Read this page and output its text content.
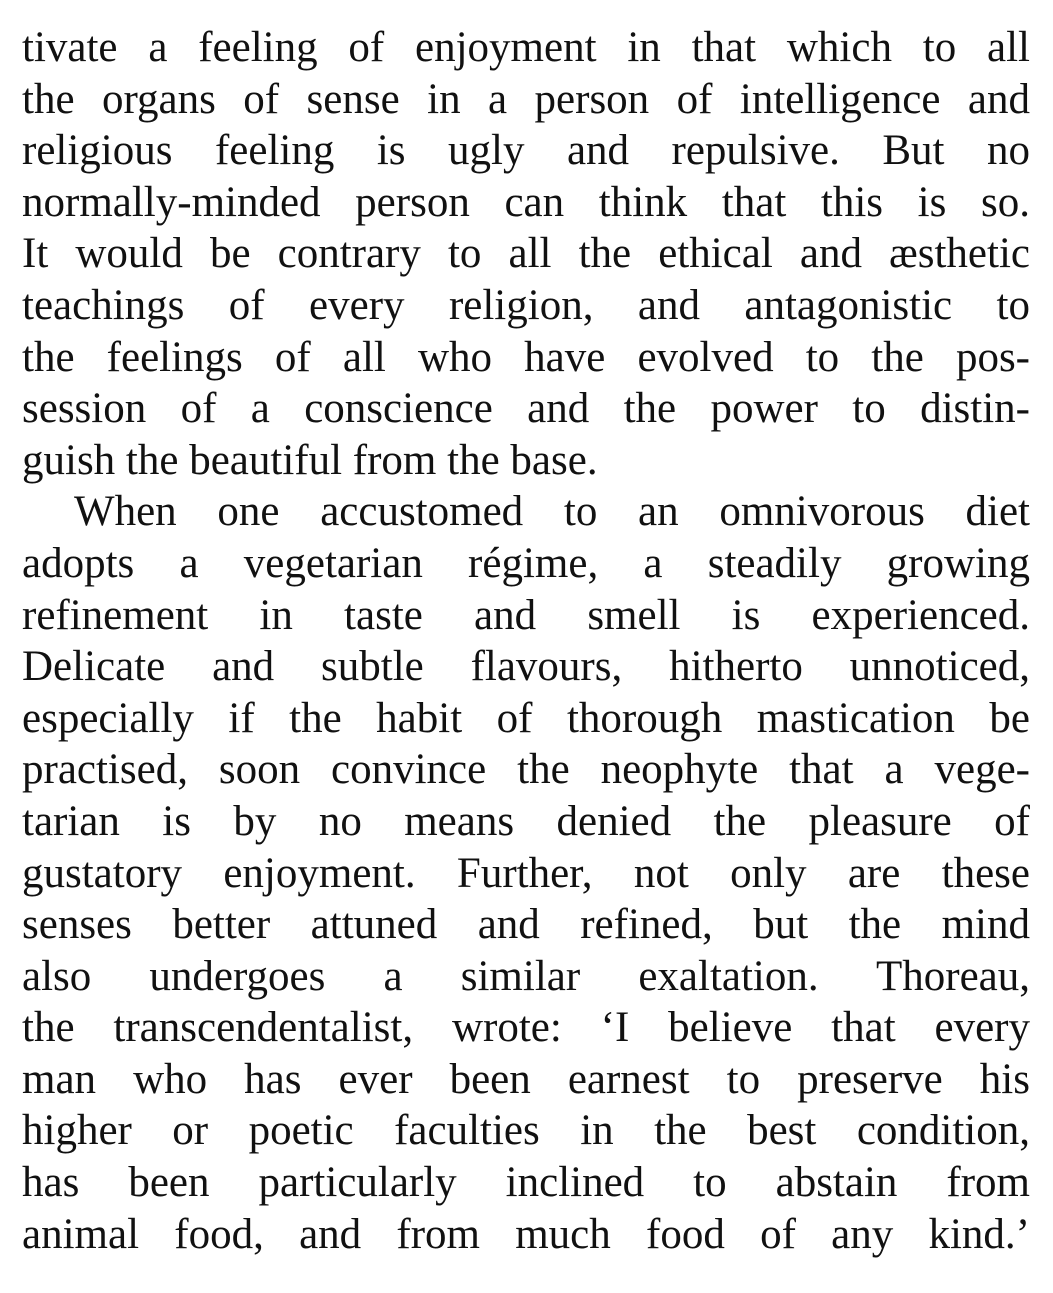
tivate a feeling of enjoyment in that which to all
the organs of sense in a person of intelligence and
religious feeling is ugly and repulsive. But no
normally-minded person can think that this is so.
It would be contrary to all the ethical and æsthetic
teachings of every religion, and antagonistic to
the feelings of all who have evolved to the pos-
session of a conscience and the power to distin-
guish the beautiful from the base.
When one accustomed to an omnivorous diet
adopts a vegetarian régime, a steadily growing
refinement in taste and smell is experienced.
Delicate and subtle flavours, hitherto unnoticed,
especially if the habit of thorough mastication be
practised, soon convince the neophyte that a vege-
tarian is by no means denied the pleasure of
gustatory enjoyment. Further, not only are these
senses better attuned and refined, but the mind
also undergoes a similar exaltation. Thoreau,
the transcendentalist, wrote: ‘I believe that every
man who has ever been earnest to preserve his
higher or poetic faculties in the best condition,
has been particularly inclined to abstain from
animal food, and from much food of any kind.’
